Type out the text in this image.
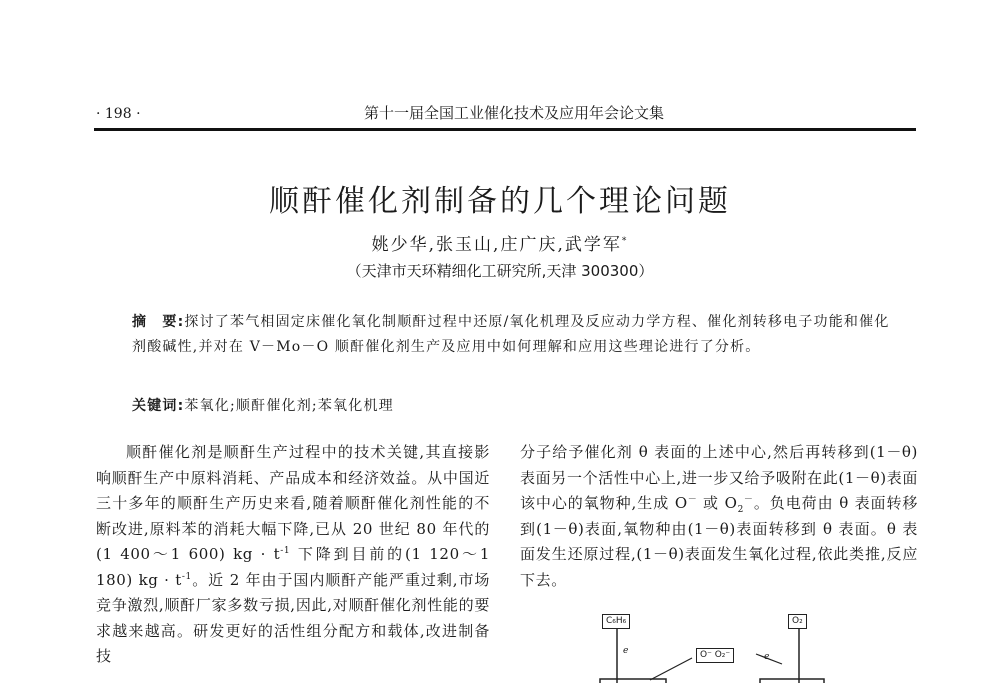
· 198 ·	第十一届全国工业催化技术及应用年会论文集
顺酐催化剂制备的几个理论问题
姚少华,张玉山,庄广庆,武学军*
（天津市天环精细化工研究所,天津 300300）
摘　要:探讨了苯气相固定床催化氧化制顺酐过程中还原/氧化机理及反应动力学方程、催化剂转移电子功能和催化剂酸碱性,并对在 V－Mo－O 顺酐催化剂生产及应用中如何理解和应用这些理论进行了分析。
关键词:苯氧化;顺酐催化剂;苯氧化机理

顺酐催化剂是顺酐生产过程中的技术关键,其直接影响顺酐生产中原料消耗、产品成本和经济效益。从中国近三十多年的顺酐生产历史来看,随着顺酐催化剂性能的不断改进,原料苯的消耗大幅下降,已从 20 世纪 80 年代的(1 400～1 600) kg · $t^{-1}$ 下降到目前的(1 120～1 180) kg · $t^{-1}$。近 2 年由于国内顺酐产能严重过剩,市场竞争激烈,顺酐厂家多数亏损,因此,对顺酐催化剂性能的要求越来越高。研发更好的活性组分配方和载体,改进制备技

分子给予催化剂 θ 表面的上述中心,然后再转移到(1－θ)表面另一个活性中心上,进一步又给予吸附在此(1－θ)表面该中心的氧物种,生成 O－ 或 $O_2^-$。负电荷由 θ 表面转移到(1－θ)表面,氧物种由(1－θ)表面转移到 θ 表面。θ 表面发生还原过程,(1－θ)表面发生氧化过程,依此类推,反应下去。

C₆H₆	O₂
O⁻ O₂⁻
e
e
